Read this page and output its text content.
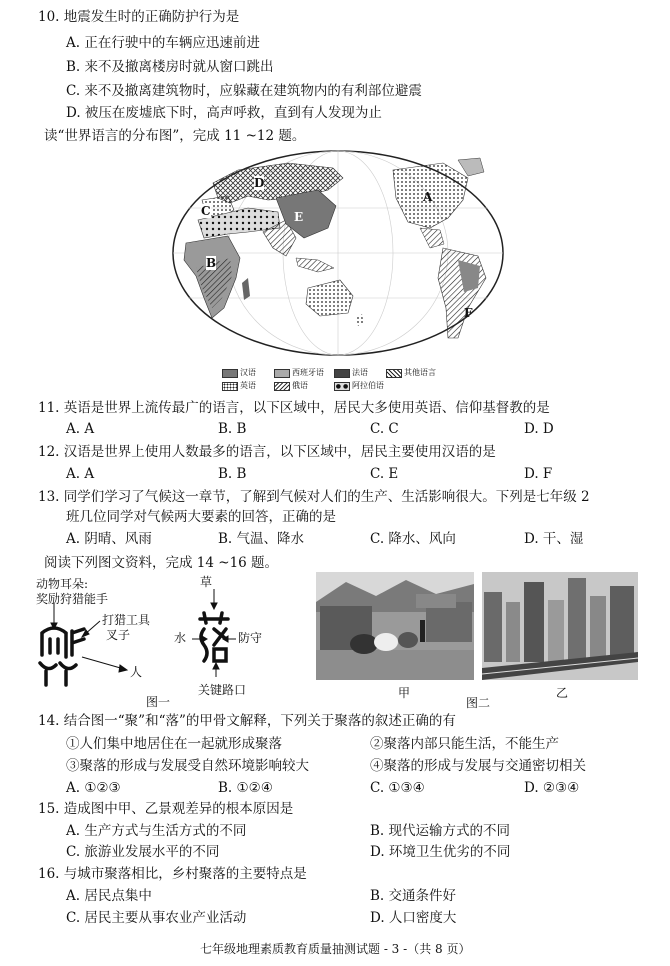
10. 地震发生时的正确防护行为是
A. 正在行驶中的车辆应迅速前进
B. 来不及撤离楼房时就从窗口跳出
C. 来不及撤离建筑物时，应躲藏在建筑物内的有利部位避震
D. 被压在废墟底下时，高声呼救，直到有人发现为止
读“世界语言的分布图”，完成 11 ~12 题。
A
B
C
D
E
F
汉语	西班牙语	法语	其他语言
英语	俄语	● ● 阿拉伯语
11. 英语是世界上流传最广的语言，以下区域中，居民大多使用英语、信仰基督教的是
A. A	B. B	C. C	D. D
12. 汉语是世界上使用人数最多的语言，以下区域中，居民主要使用汉语的是
A. A	B. B	C. E	D. F
13. 同学们学习了气候这一章节，了解到气候对人们的生产、生活影响很大。下列是七年级 2
班几位同学对气候两大要素的回答，正确的是
A. 阴晴、风雨	B. 气温、降水	C. 降水、风向	D. 干、湿
阅读下列图文资料，完成 14 ~16 题。
动物耳朵:
奖励狩猎能手
打猎工具
叉子
人
草
水	防守
关键路口
图一
甲
图二
乙
14. 结合图一“聚”和“落”的甲骨文解释，下列关于聚落的叙述正确的有
①人们集中地居住在一起就形成聚落	②聚落内部只能生活，不能生产
③聚落的形成与发展受自然环境影响较大	④聚落的形成与发展与交通密切相关
A. ①②③	B. ①②④	C. ①③④	D. ②③④
15. 造成图中甲、乙景观差异的根本原因是
A. 生产方式与生活方式的不同	B. 现代运输方式的不同
C. 旅游业发展水平的不同	D. 环境卫生优劣的不同
16. 与城市聚落相比，乡村聚落的主要特点是
A. 居民点集中	B. 交通条件好
C. 居民主要从事农业产业活动	D. 人口密度大
七年级地理素质教育质量抽测试题 - 3 -（共 8 页）
